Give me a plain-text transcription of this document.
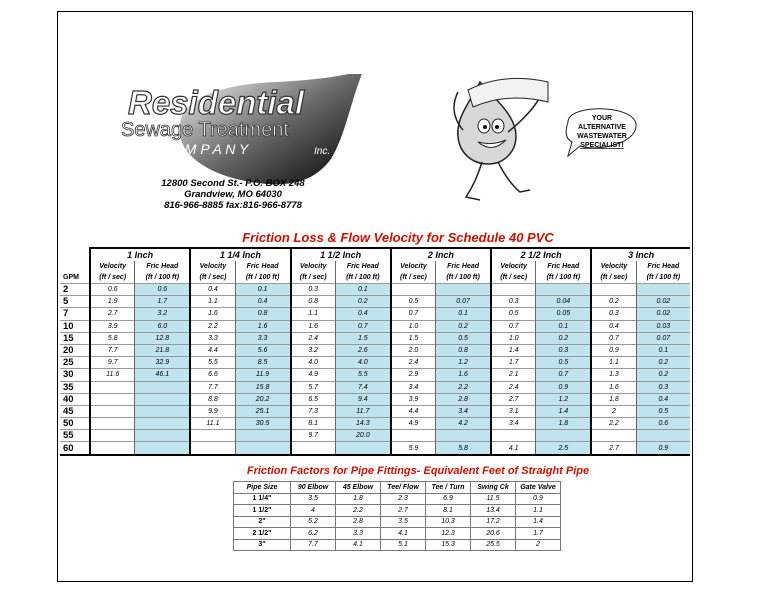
Residential
Sewage Treatment
C O M P A N Y	Inc.
12800 Second St.- P.O. BOX 248
Grandview, MO 64030
816-966-8885 fax:816-966-8778
YOUR
ALTERNATIVE
WASTEWATER
SPECIALIST!
Friction Loss & Flow Velocity for Schedule 40 PVC
	1 Inch		1 1/4 Inch		1 1/2 Inch		2 Inch		2 1/2 Inch		3 Inch	
	Velocity	Fric Head	Velocity	Fric Head	Velocity	Fric Head	Velocity	Fric Head	Velocity	Fric Head	Velocity	Fric Head
GPM	(ft / sec)	(ft / 100 ft)	(ft / sec)	(ft / 100 ft)	(ft / sec)	(ft / 100 ft)	(ft / sec)	(ft / 100 ft)	(ft / sec)	(ft / 100 ft)	(ft / sec)	(ft / 100 ft)
2	0.6	0.6	0.4	0.1	0.3	0.1						
5	1.9	1.7	1.1	0.4	0.8	0.2	0.5	0.07	0.3	0.04	0.2	0.02
7	2.7	3.2	1.6	0.8	1.1	0.4	0.7	0.1	0.5	0.05	0.3	0.02
10	3.9	6.0	2.2	1.6	1.6	0.7	1.0	0.2	0.7	0.1	0.4	0.03
15	5.8	12.8	3.3	3.3	2.4	1.5	1.5	0.5	1.0	0.2	0.7	0.07
20	7.7	21.8	4.4	5.6	3.2	2.6	2.0	0.8	1.4	0.3	0.9	0.1
25	9.7	32.9	5.5	8.5	4.0	4.0	2.4	1.2	1.7	0.5	1.1	0.2
30	11.6	46.1	6.6	11.9	4.9	5.5	2.9	1.6	2.1	0.7	1.3	0.2
35			7.7	15.8	5.7	7.4	3.4	2.2	2.4	0.9	1.6	0.3
40			8.8	20.2	6.5	9.4	3.9	2.8	2.7	1.2	1.8	0.4
45			9.9	25.1	7.3	11.7	4.4	3.4	3.1	1.4	2	0.5
50			11.1	30.5	8.1	14.3	4.9	4.2	3.4	1.8	2.2	0.6
55					9.7	20.0						
60							5.9	5.8	4.1	2.5	2.7	0.9
Friction Factors for Pipe Fittings- Equivalent Feet of Straight Pipe
Pipe Size	90 Elbow	45 Elbow	Tee/ Flow	Tee / Turn	Swing Ck	Gate Valve
1 1/4"	3.5	1.8	2.3	6.9	11.5	0.9
1 1/2"	4	2.2	2.7	8.1	13.4	1.1
2"	5.2	2.8	3.5	10.3	17.2	1.4
2 1/2"	6.2	3.3	4.1	12.3	20.6	1.7
3"	7.7	4.1	5.1	15.3	25.5	2
